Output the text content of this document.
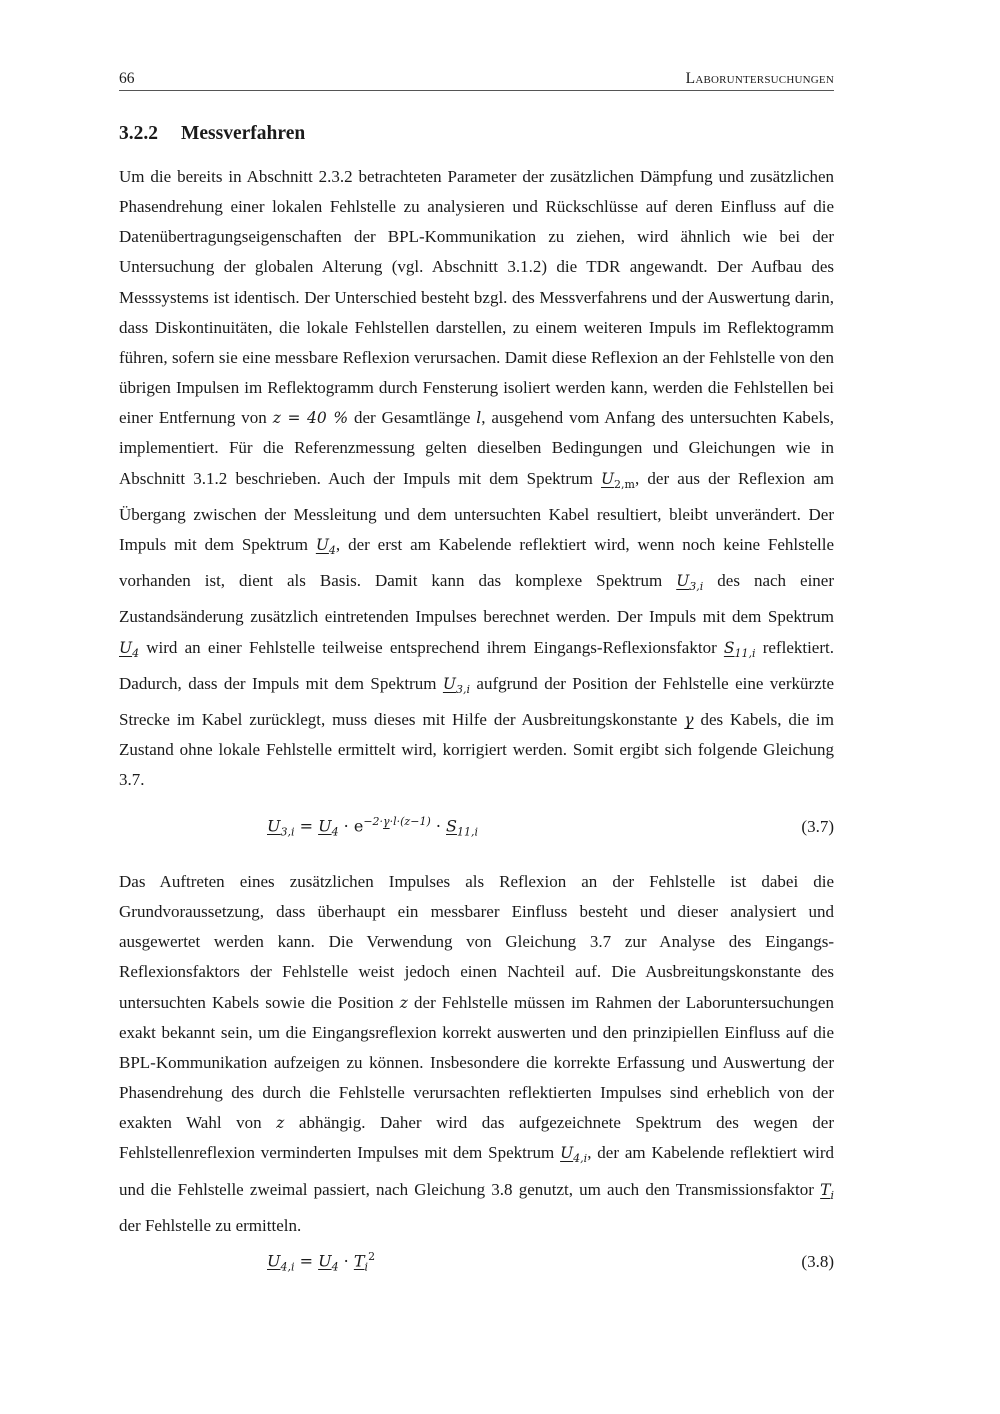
66	Laboruntersuchungen
3.2.2 Messverfahren

Um die bereits in Abschnitt 2.3.2 betrachteten Parameter der zusätzlichen Dämpfung und zusätzlichen Phasendrehung einer lokalen Fehlstelle zu analysieren und Rückschlüsse auf deren Einfluss auf die Datenübertragungseigenschaften der BPL-Kommunikation zu ziehen, wird ähnlich wie bei der Untersuchung der globalen Alterung (vgl. Abschnitt 3.1.2) die TDR angewandt. Der Aufbau des Messsystems ist identisch. Der Unterschied besteht bzgl. des Messverfahrens und der Auswertung darin, dass Diskontinuitäten, die lokale Fehlstellen darstellen, zu einem weiteren Impuls im Reflektogramm führen, sofern sie eine messbare Reflexion verursachen. Damit diese Reflexion an der Fehlstelle von den übrigen Impulsen im Reflektogramm durch Fensterung isoliert werden kann, werden die Fehlstellen bei einer Entfernung von z = 40 % der Gesamtlänge l, ausgehend vom Anfang des untersuchten Kabels, implementiert. Für die Referenzmessung gelten dieselben Bedingungen und Gleichungen wie in Abschnitt 3.1.2 beschrieben. Auch der Impuls mit dem Spektrum $U_{2,m}$, der aus der Reflexion am Übergang zwischen der Messleitung und dem untersuchten Kabel resultiert, bleibt unverändert. Der Impuls mit dem Spektrum $U_4$, der erst am Kabelende reflektiert wird, wenn noch keine Fehlstelle vorhanden ist, dient als Basis. Damit kann das komplexe Spektrum $U_{3,i}$ des nach einer Zustandsänderung zusätzlich eintretenden Impulses berechnet werden. Der Impuls mit dem Spektrum $U_4$ wird an einer Fehlstelle teilweise entsprechend ihrem Eingangs-Reflexionsfaktor $S_{11,i}$ reflektiert. Dadurch, dass der Impuls mit dem Spektrum $U_{3,i}$ aufgrund der Position der Fehlstelle eine verkürzte Strecke im Kabel zurücklegt, muss dieses mit Hilfe der Ausbreitungskonstante γ des Kabels, die im Zustand ohne lokale Fehlstelle ermittelt wird, korrigiert werden. Somit ergibt sich folgende Gleichung 3.7.

$U_{3,i} = U_4 \cdot e^{-2\cdot\gamma\cdot l\cdot(z-1)} \cdot S_{11,i}$	(3.7)

Das Auftreten eines zusätzlichen Impulses als Reflexion an der Fehlstelle ist dabei die Grundvoraussetzung, dass überhaupt ein messbarer Einfluss besteht und dieser analysiert und ausgewertet werden kann. Die Verwendung von Gleichung 3.7 zur Analyse des Eingangs-Reflexionsfaktors der Fehlstelle weist jedoch einen Nachteil auf. Die Ausbreitungskonstante des untersuchten Kabels sowie die Position z der Fehlstelle müssen im Rahmen der Laboruntersuchungen exakt bekannt sein, um die Eingangsreflexion korrekt auswerten und den prinzipiellen Einfluss auf die BPL-Kommunikation aufzeigen zu können. Insbesondere die korrekte Erfassung und Auswertung der Phasendrehung des durch die Fehlstelle verursachten reflektierten Impulses sind erheblich von der exakten Wahl von z abhängig. Daher wird das aufgezeichnete Spektrum des wegen der Fehlstellenreflexion verminderten Impulses mit dem Spektrum $U_{4,i}$, der am Kabelende reflektiert wird und die Fehlstelle zweimal passiert, nach Gleichung 3.8 genutzt, um auch den Transmissionsfaktor $T_i$ der Fehlstelle zu ermitteln.

$U_{4,i} = U_4 \cdot T_i^2$	(3.8)
